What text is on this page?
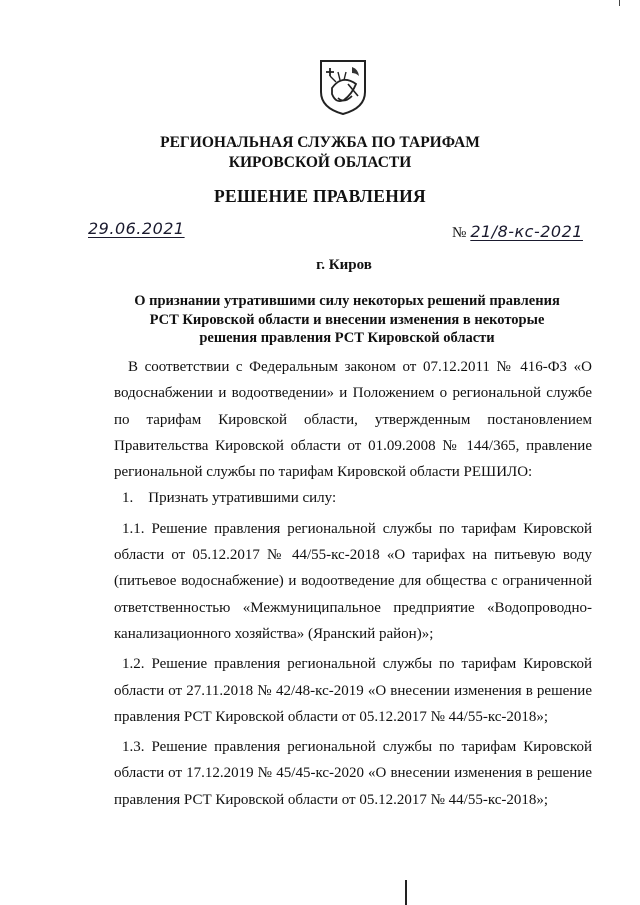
РЕГИОНАЛЬНАЯ СЛУЖБА ПО ТАРИФАМ
КИРОВСКОЙ ОБЛАСТИ
РЕШЕНИЕ ПРАВЛЕНИЯ
29.06.2021	№ 21/8-кс-2021
г. Киров
О признании утратившими силу некоторых решений правления
РСТ Кировской области и внесении изменения в некоторые
решения правления РСТ Кировской области

В соответствии с Федеральным законом от 07.12.2011 № 416-ФЗ «О водоснабжении и водоотведении» и Положением о региональной службе по тарифам Кировской области, утвержденным постановлением Правительства Кировской области от 01.09.2008 № 144/365, правление региональной службы по тарифам Кировской области РЕШИЛО:

1.    Признать утратившими силу:

1.1. Решение правления региональной службы по тарифам Кировской области от 05.12.2017 № 44/55-кс-2018 «О тарифах на питьевую воду (питьевое водоснабжение) и водоотведение для общества с ограниченной ответственностью «Межмуниципальное предприятие «Водопроводно-канализационного хозяйства» (Яранский район)»;

1.2. Решение правления региональной службы по тарифам Кировской области от 27.11.2018 № 42/48-кс-2019 «О внесении изменения в решение правления РСТ Кировской области от 05.12.2017 № 44/55-кс-2018»;

1.3. Решение правления региональной службы по тарифам Кировской области от 17.12.2019 № 45/45-кс-2020 «О внесении изменения в решение правления РСТ Кировской области от 05.12.2017 № 44/55-кс-2018»;
